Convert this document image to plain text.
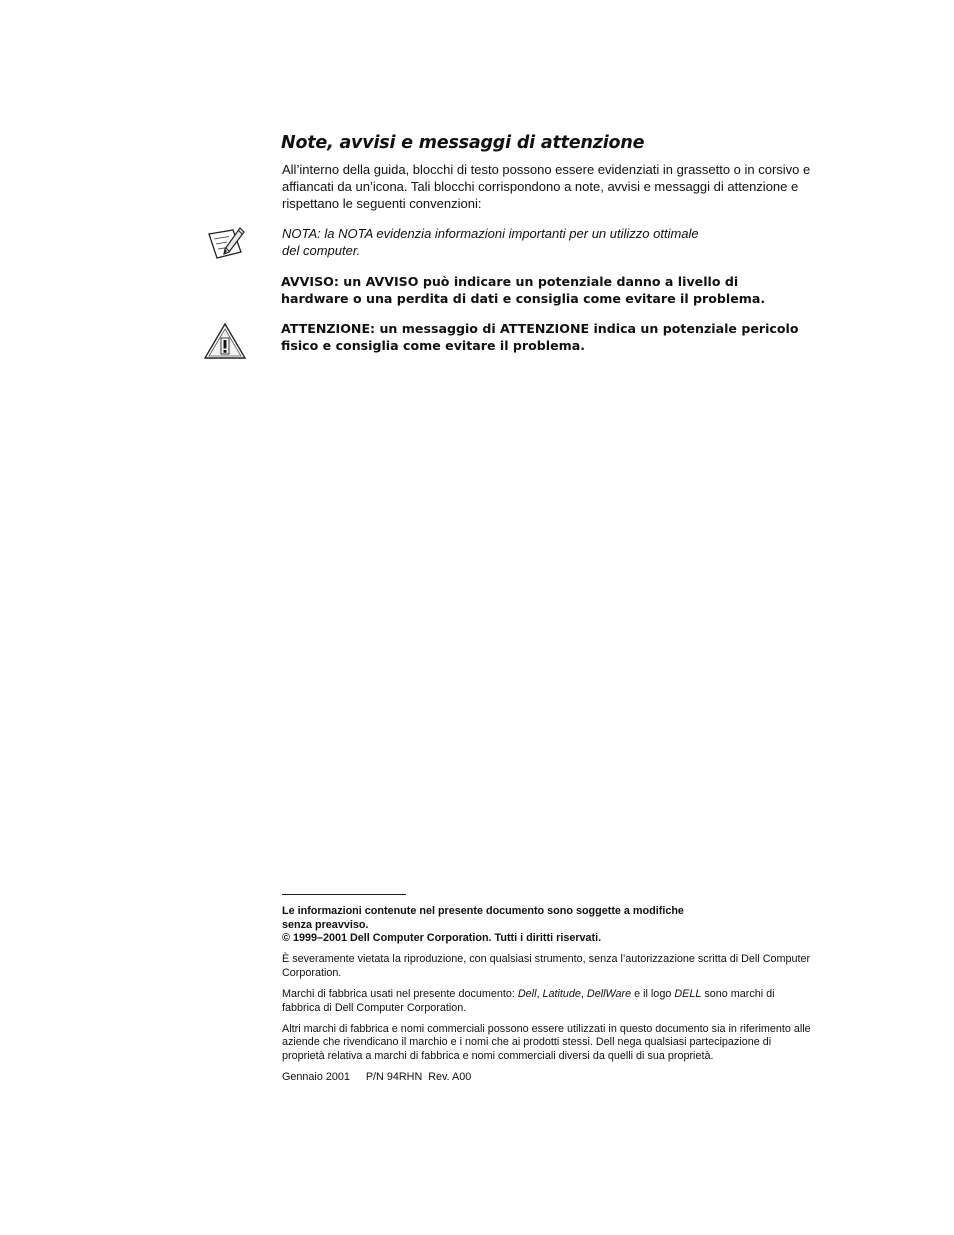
Note, avvisi e messaggi di attenzione

All’interno della guida, blocchi di testo possono essere evidenziati in grassetto o in corsivo e affiancati da un’icona. Tali blocchi corrispondono a note, avvisi e messaggi di attenzione e rispettano le seguenti convenzioni:

NOTA: la NOTA evidenzia informazioni importanti per un utilizzo ottimale
del computer.

AVVISO: un AVVISO può indicare un potenziale danno a livello di
hardware o una perdita di dati e consiglia come evitare il problema.

ATTENZIONE: un messaggio di ATTENZIONE indica un potenziale pericolo
fisico e consiglia come evitare il problema.

Le informazioni contenute nel presente documento sono soggette a modifiche
senza preavviso.
© 1999–2001 Dell Computer Corporation. Tutti i diritti riservati.

È severamente vietata la riproduzione, con qualsiasi strumento, senza l’autorizzazione scritta di Dell Computer Corporation.

Marchi di fabbrica usati nel presente documento: Dell, Latitude, DellWare e il logo DELL sono marchi di fabbrica di Dell Computer Corporation.

Altri marchi di fabbrica e nomi commerciali possono essere utilizzati in questo documento sia in riferimento alle aziende che rivendicano il marchio e i nomi che ai prodotti stessi. Dell nega qualsiasi partecipazione di proprietà relativa a marchi di fabbrica e nomi commerciali diversi da quelli di sua proprietà.

Gennaio 2001 P/N 94RHN Rev. A00
